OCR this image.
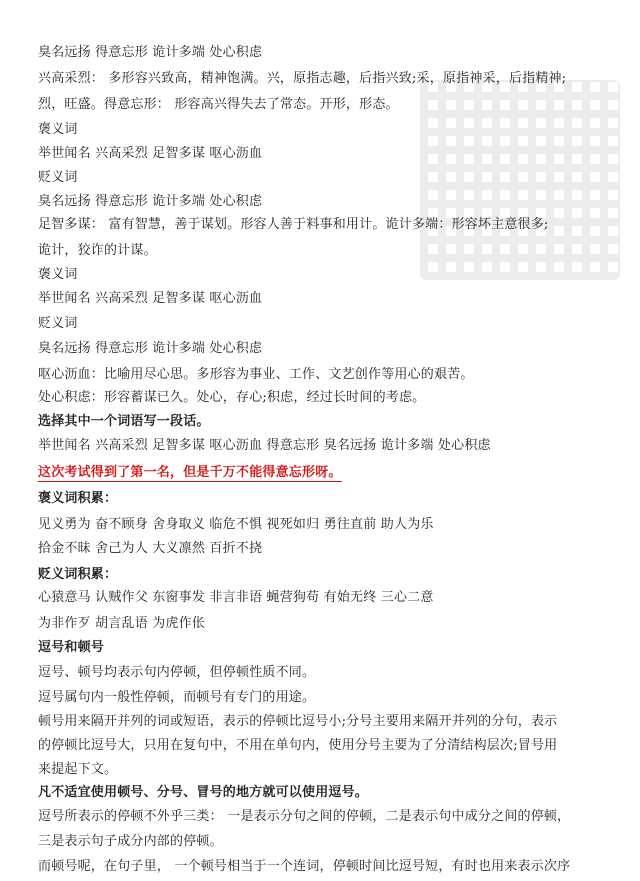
臭名远扬 得意忘形 诡计多端 处心积虑
兴高采烈： 多形容兴致高，精神饱满。兴，原指志趣，后指兴致;采，原指神采，后指精神;
烈，旺盛。得意忘形： 形容高兴得失去了常态。开形，形态。
褒义词
举世闻名 兴高采烈 足智多谋 呕心沥血
贬义词
臭名远扬 得意忘形 诡计多端 处心积虑
足智多谋： 富有智慧，善于谋划。形容人善于料事和用计。诡计多端：形容坏主意很多;
诡计，狡诈的计谋。
褒义词
举世闻名 兴高采烈 足智多谋 呕心沥血
贬义词
臭名远扬 得意忘形 诡计多端 处心积虑
呕心沥血：比喻用尽心思。多形容为事业、工作、文艺创作等用心的艰苦。
处心积虑：形容蓄谋已久。处心，存心;积虑，经过长时间的考虑。
选择其中一个词语写一段话。
举世闻名 兴高采烈 足智多谋 呕心沥血 得意忘形 臭名远扬 诡计多端 处心积虑
这次考试得到了第一名，但是千万不能得意忘形呀。
褒义词积累：
见义勇为 奋不顾身 舍身取义 临危不惧 视死如归 勇往直前 助人为乐
拾金不昧 舍己为人 大义凛然 百折不挠
贬义词积累：
心猿意马 认贼作父 东窗事发 非言非语 蝇营狗苟 有始无终 三心二意
为非作歹 胡言乱语 为虎作伥
逗号和顿号
逗号、顿号均表示句内停顿，但停顿性质不同。
逗号属句内一般性停顿，而顿号有专门的用途。
顿号用来隔开并列的词或短语，表示的停顿比逗号小;分号主要用来隔开并列的分句，表示
的停顿比逗号大，只用在复句中，不用在单句内，使用分号主要为了分清结构层次;冒号用
来提起下文。
凡不适宜使用顿号、分号、冒号的地方就可以使用逗号。
逗号所表示的停顿不外乎三类： 一是表示分句之间的停顿，二是表示句中成分之间的停顿，
三是表示句子成分内部的停顿。
而顿号呢，在句子里， 一个顿号相当于一个连词，停顿时间比逗号短，有时也用来表示次序
